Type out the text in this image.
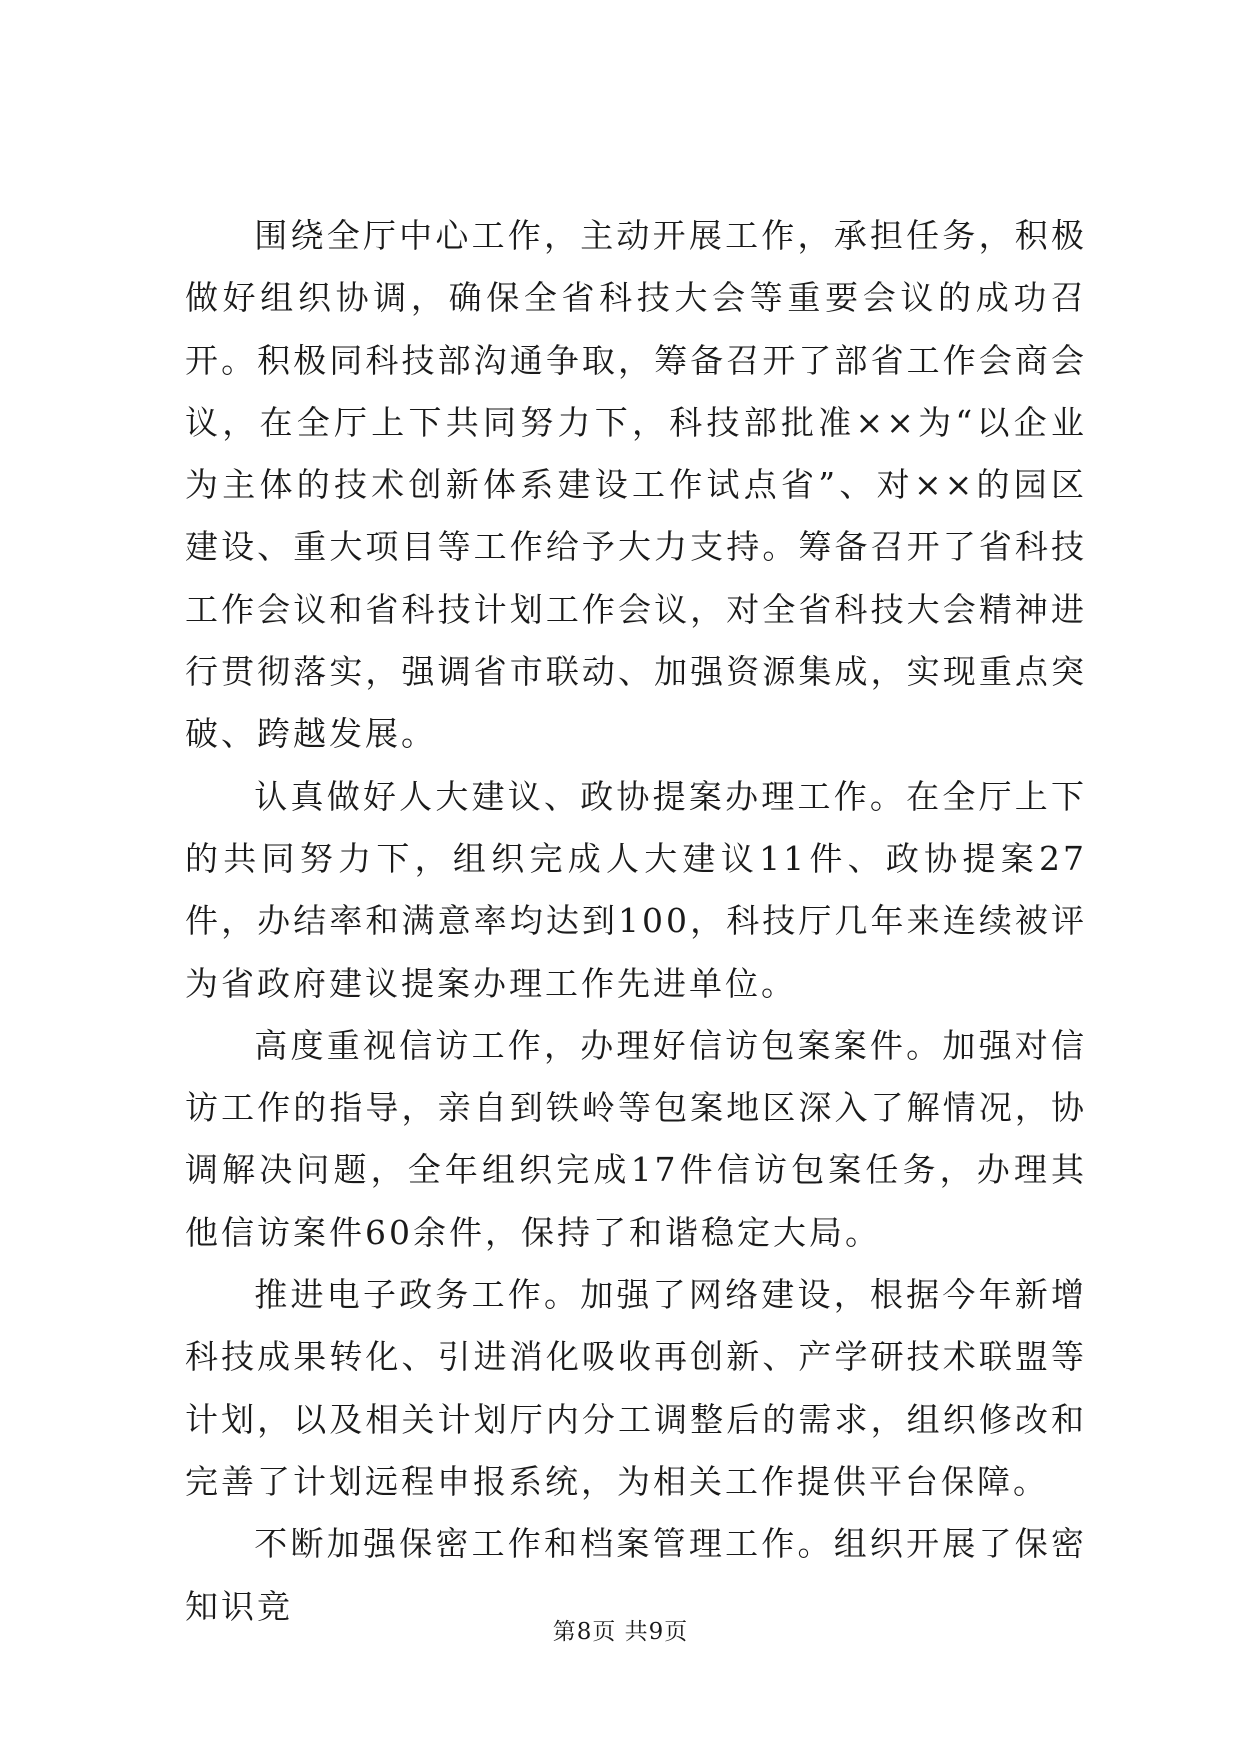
围绕全厅中心工作，主动开展工作，承担任务，积极做好组织协调，确保全省科技大会等重要会议的成功召开。积极同科技部沟通争取，筹备召开了部省工作会商会议，在全厅上下共同努力下，科技部批准××为“以企业为主体的技术创新体系建设工作试点省”、对××的园区建设、重大项目等工作给予大力支持。筹备召开了省科技工作会议和省科技计划工作会议，对全省科技大会精神进行贯彻落实，强调省市联动、加强资源集成，实现重点突破、跨越发展。

认真做好人大建议、政协提案办理工作。在全厅上下的共同努力下，组织完成人大建议11件、政协提案27件，办结率和满意率均达到100，科技厅几年来连续被评为省政府建议提案办理工作先进单位。

高度重视信访工作，办理好信访包案案件。加强对信访工作的指导，亲自到铁岭等包案地区深入了解情况，协调解决问题，全年组织完成17件信访包案任务，办理其他信访案件60余件，保持了和谐稳定大局。

推进电子政务工作。加强了网络建设，根据今年新增科技成果转化、引进消化吸收再创新、产学研技术联盟等计划，以及相关计划厅内分工调整后的需求，组织修改和完善了计划远程申报系统，为相关工作提供平台保障。

不断加强保密工作和档案管理工作。组织开展了保密知识竞

第8页 共9页
